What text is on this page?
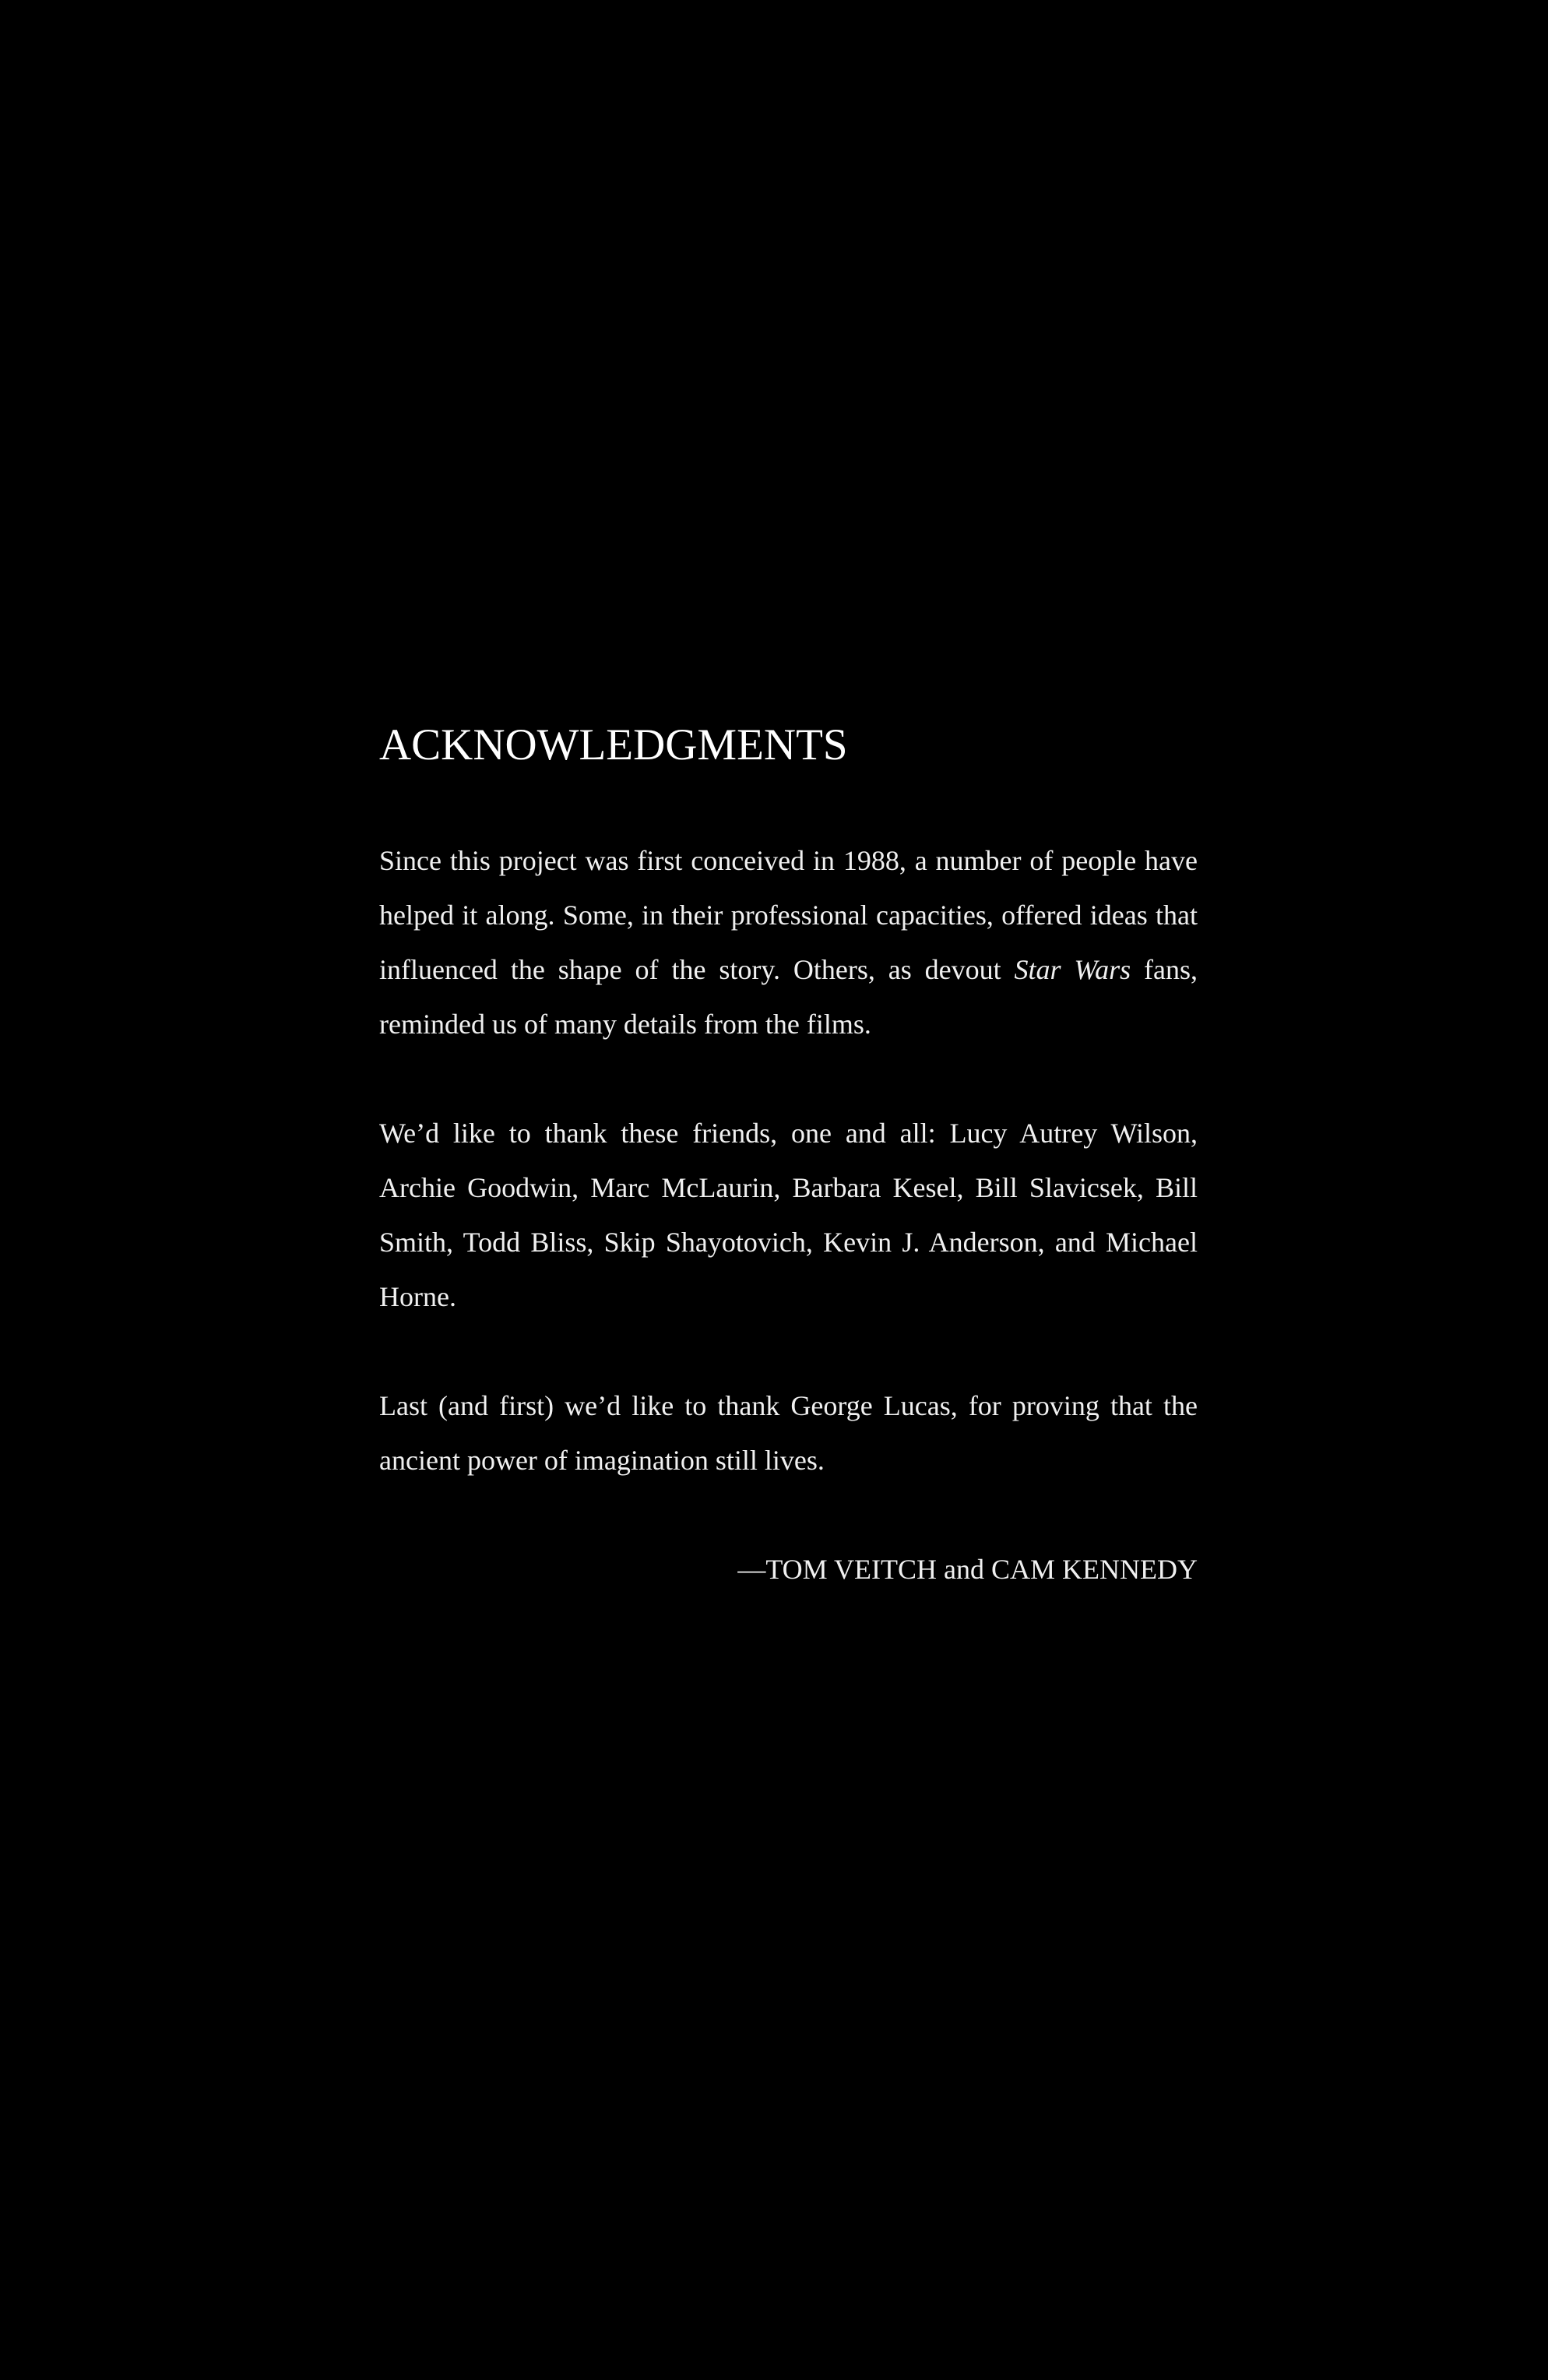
ACKNOWLEDGMENTS

Since this project was first conceived in 1988, a number of people have helped it along. Some, in their professional capacities, offered ideas that influenced the shape of the story. Others, as devout Star Wars fans, reminded us of many details from the films.

We’d like to thank these friends, one and all: Lucy Autrey Wilson, Archie Goodwin, Marc McLaurin, Barbara Kesel, Bill Slavicsek, Bill Smith, Todd Bliss, Skip Shayotovich, Kevin J. Anderson, and Michael Horne.

Last (and first) we’d like to thank George Lucas, for proving that the ancient power of imagination still lives.

—TOM VEITCH and CAM KENNEDY
